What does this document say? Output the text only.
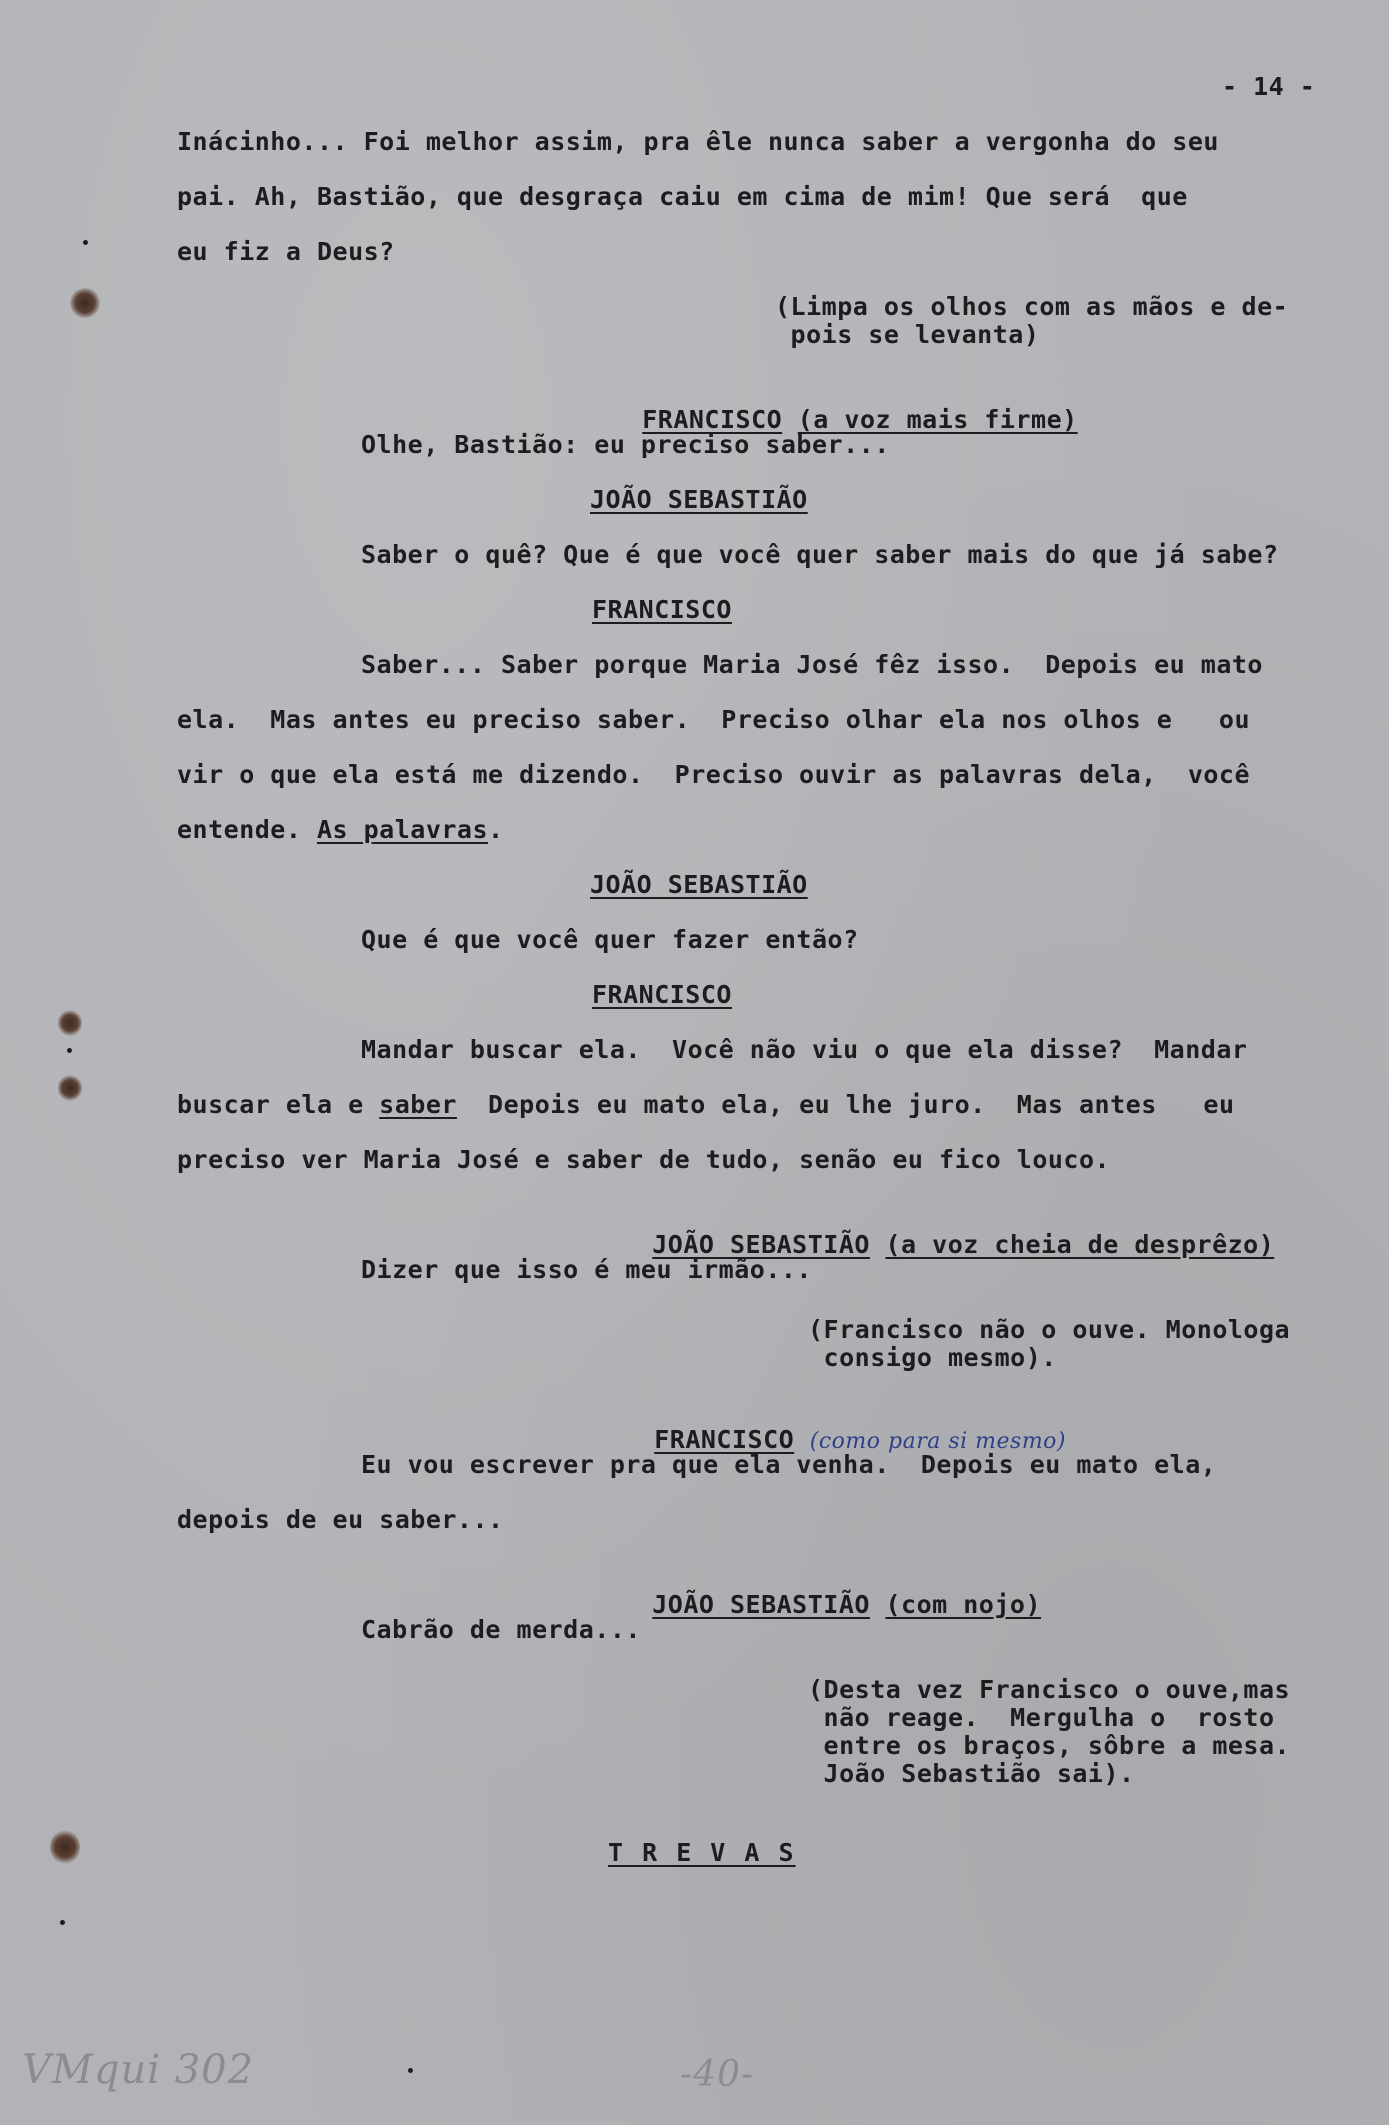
- 14 -
Inácinho... Foi melhor assim, pra êle nunca saber a vergonha do seu
pai. Ah, Bastião, que desgraça caiu em cima de mim! Que será  que
eu fiz a Deus?
(Limpa os olhos com as mãos e de-
pois se levanta)

FRANCISCO (a voz mais firme)

Olhe, Bastião: eu preciso saber...
JOÃO SEBASTIÃO
Saber o quê? Que é que você quer saber mais do que já sabe?
FRANCISCO
Saber... Saber porque Maria José fêz isso.  Depois eu mato
ela.  Mas antes eu preciso saber.  Preciso olhar ela nos olhos e   ou
vir o que ela está me dizendo.  Preciso ouvir as palavras dela,  você
entende. As palavras.
JOÃO SEBASTIÃO
Que é que você quer fazer então?
FRANCISCO
Mandar buscar ela.  Você não viu o que ela disse?  Mandar
buscar ela e saber  Depois eu mato ela, eu lhe juro.  Mas antes   eu
preciso ver Maria José e saber de tudo, senão eu fico louco.

JOÃO SEBASTIÃO (a voz cheia de desprêzo)

Dizer que isso é meu irmão...
(Francisco não o ouve. Monologa
consigo mesmo).

FRANCISCO (como para si mesmo)

Eu vou escrever pra que ela venha.  Depois eu mato ela,
depois de eu saber...

JOÃO SEBASTIÃO (com nojo)

Cabrão de merda...
(Desta vez Francisco o ouve,mas
não reage.  Mergulha o  rosto
entre os braços, sôbre a mesa.
João Sebastião sai).
T R E V A S
VMqui 302	-40-
